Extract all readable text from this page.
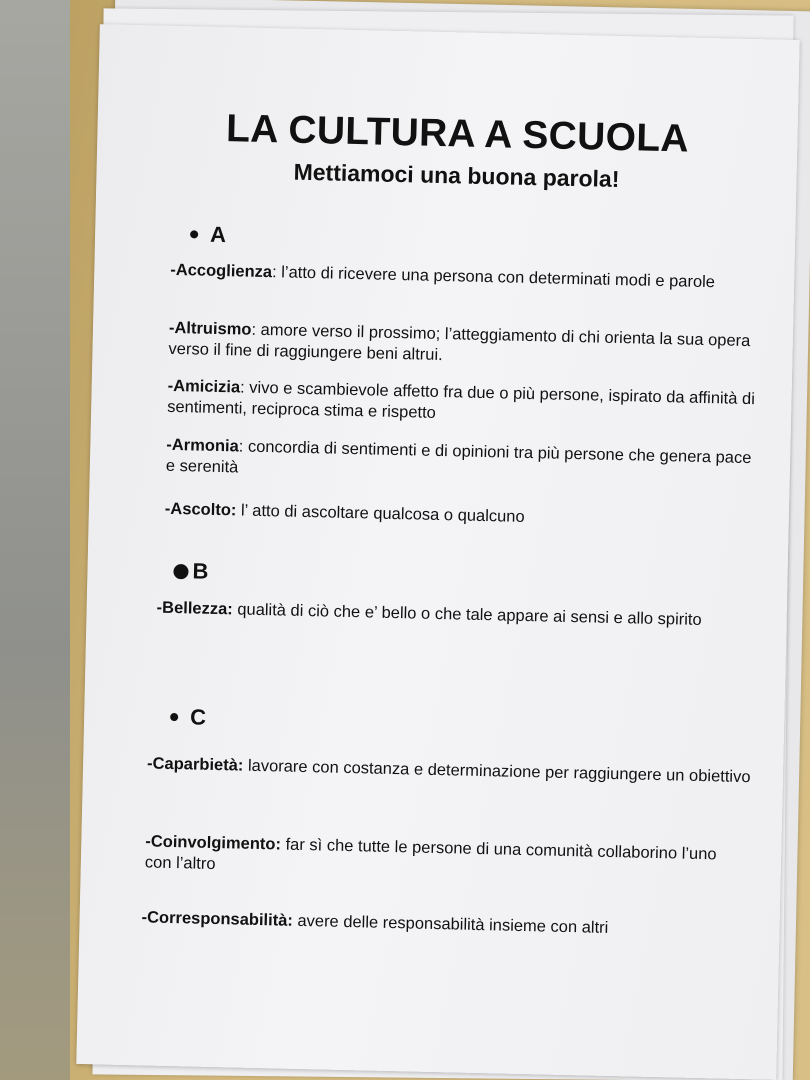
LA CULTURA A SCUOLA
Mettiamoci una buona parola!
A
-Accoglienza: l’atto di ricevere una persona con determinati modi e parole
-Altruismo: amore verso il prossimo; l’atteggiamento di chi orienta la sua opera verso il fine di raggiungere beni altrui.
-Amicizia: vivo e scambievole affetto fra due o più persone, ispirato da affinità di sentimenti, reciproca stima e rispetto
-Armonia: concordia di sentimenti e di opinioni tra più persone che genera pace e serenità
-Ascolto: l’ atto di ascoltare qualcosa o qualcuno
B
-Bellezza: qualità di ciò che e’ bello o che tale appare ai sensi e allo spirito
C
-Caparbietà: lavorare con costanza e determinazione per raggiungere un obiettivo
-Coinvolgimento: far sì che tutte le persone di una comunità collaborino l’uno con l’altro
-Corresponsabilità: avere delle responsabilità insieme con altri
